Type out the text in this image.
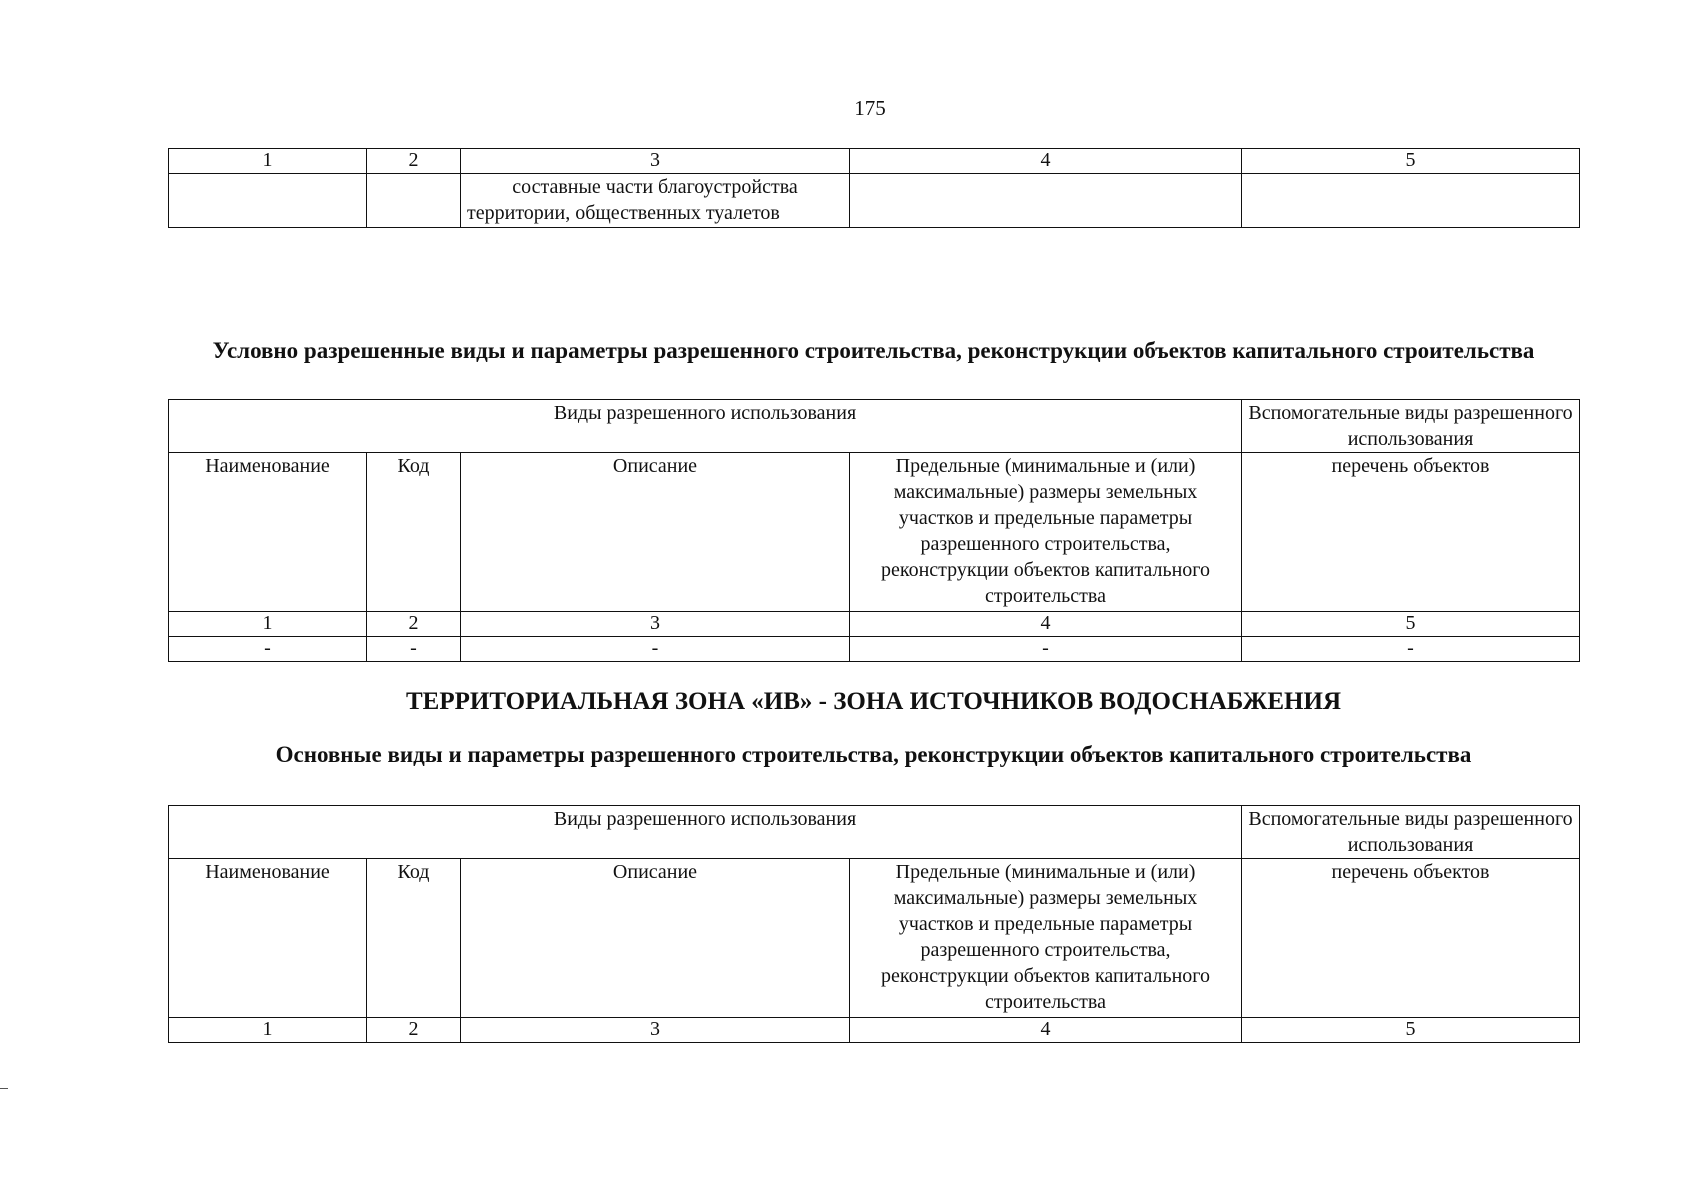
175
1	2	3	4	5
		составные части благоустройства территории, общественных туалетов		
Условно разрешенные виды и параметры разрешенного строительства, реконструкции объектов капитального строительства
Виды разрешенного использования				Вспомогательные виды разрешенного использования
Наименование	Код	Описание	Предельные (минимальные и (или) максимальные) размеры земельных участков и предельные параметры разрешенного строительства, реконструкции объектов капитального строительства	перечень объектов
1	2	3	4	5
-	-	-	-	-
ТЕРРИТОРИАЛЬНАЯ ЗОНА «ИВ» - ЗОНА ИСТОЧНИКОВ ВОДОСНАБЖЕНИЯ
Основные виды и параметры разрешенного строительства, реконструкции объектов капитального строительства
Виды разрешенного использования				Вспомогательные виды разрешенного использования
Наименование	Код	Описание	Предельные (минимальные и (или) максимальные) размеры земельных участков и предельные параметры разрешенного строительства, реконструкции объектов капитального строительства	перечень объектов
1	2	3	4	5
